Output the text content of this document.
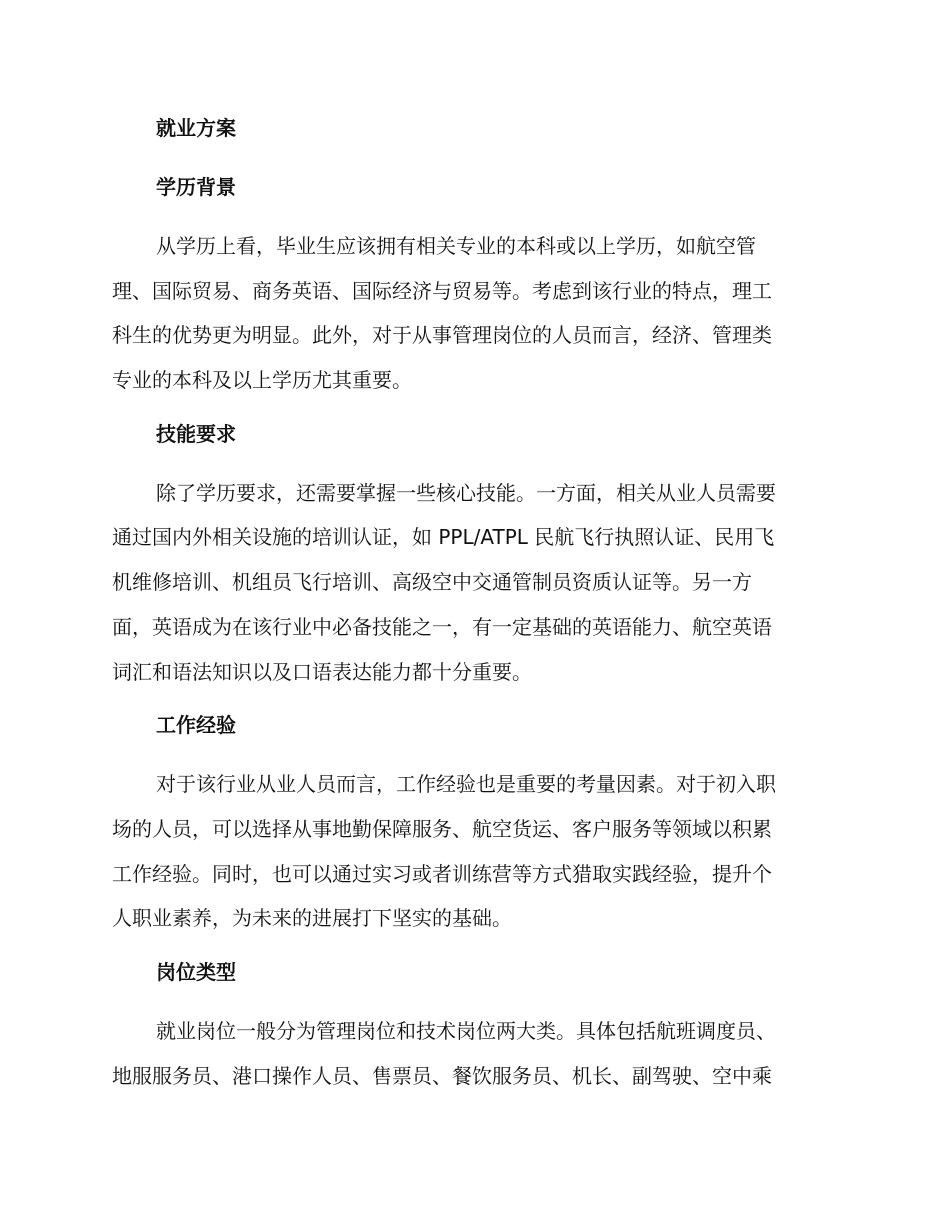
就业方案
学历背景
从学历上看，毕业生应该拥有相关专业的本科或以上学历，如航空管
理、国际贸易、商务英语、国际经济与贸易等。考虑到该行业的特点，理工
科生的优势更为明显。此外，对于从事管理岗位的人员而言，经济、管理类
专业的本科及以上学历尤其重要。
技能要求
除了学历要求，还需要掌握一些核心技能。一方面，相关从业人员需要
通过国内外相关设施的培训认证，如 PPL/ATPL 民航飞行执照认证、民用飞
机维修培训、机组员飞行培训、高级空中交通管制员资质认证等。另一方
面，英语成为在该行业中必备技能之一，有一定基础的英语能力、航空英语
词汇和语法知识以及口语表达能力都十分重要。
工作经验
对于该行业从业人员而言，工作经验也是重要的考量因素。对于初入职
场的人员，可以选择从事地勤保障服务、航空货运、客户服务等领域以积累
工作经验。同时，也可以通过实习或者训练营等方式猎取实践经验，提升个
人职业素养，为未来的进展打下坚实的基础。
岗位类型
就业岗位一般分为管理岗位和技术岗位两大类。具体包括航班调度员、
地服服务员、港口操作人员、售票员、餐饮服务员、机长、副驾驶、空中乘
